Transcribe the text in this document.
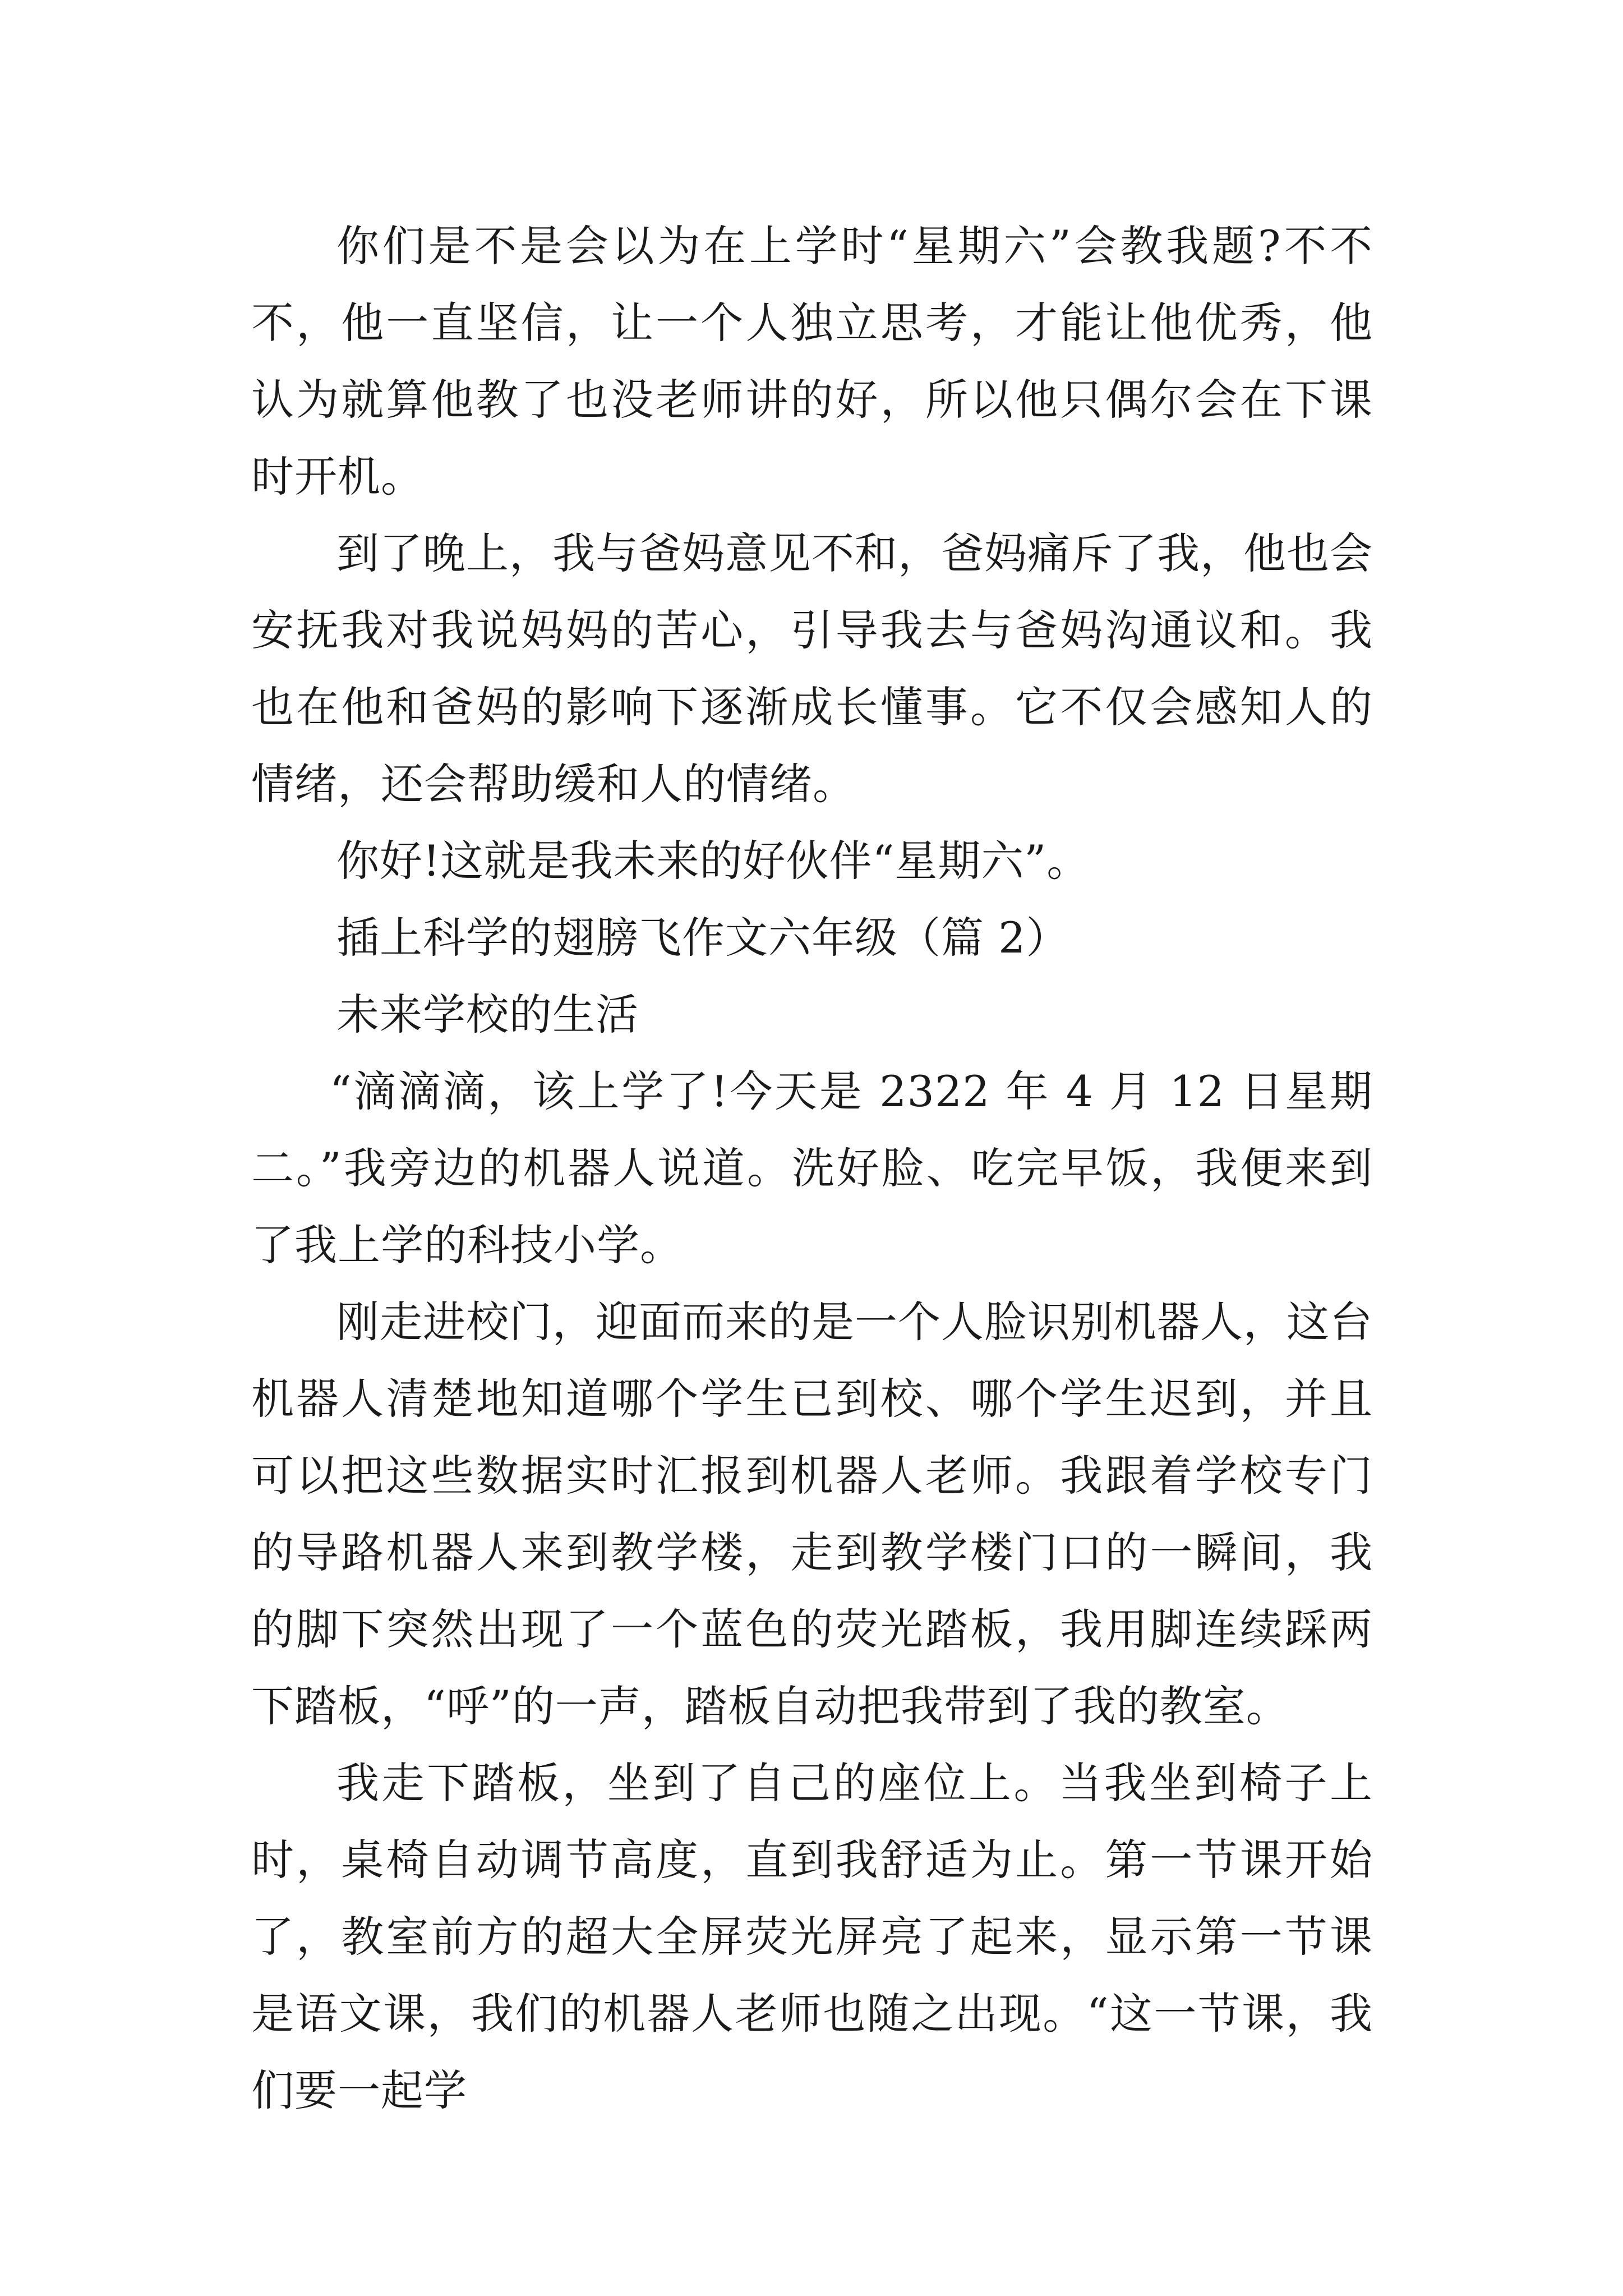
你们是不是会以为在上学时“星期六”会教我题?不不不，他一直坚信，让一个人独立思考，才能让他优秀，他认为就算他教了也没老师讲的好，所以他只偶尔会在下课时开机。

到了晚上，我与爸妈意见不和，爸妈痛斥了我，他也会安抚我对我说妈妈的苦心，引导我去与爸妈沟通议和。我也在他和爸妈的影响下逐渐成长懂事。它不仅会感知人的情绪，还会帮助缓和人的情绪。

你好!这就是我未来的好伙伴“星期六”。

插上科学的翅膀飞作文六年级（篇 2）

未来学校的生活

“滴滴滴，该上学了!今天是 2322 年 4 月 12 日星期二。”我旁边的机器人说道。洗好脸、吃完早饭，我便来到了我上学的科技小学。

刚走进校门，迎面而来的是一个人脸识别机器人，这台机器人清楚地知道哪个学生已到校、哪个学生迟到，并且可以把这些数据实时汇报到机器人老师。我跟着学校专门的导路机器人来到教学楼，走到教学楼门口的一瞬间，我的脚下突然出现了一个蓝色的荧光踏板，我用脚连续踩两下踏板，“呼”的一声，踏板自动把我带到了我的教室。

我走下踏板，坐到了自己的座位上。当我坐到椅子上时，桌椅自动调节高度，直到我舒适为止。第一节课开始了，教室前方的超大全屏荧光屏亮了起来，显示第一节课是语文课，我们的机器人老师也随之出现。“这一节课，我们要一起学
